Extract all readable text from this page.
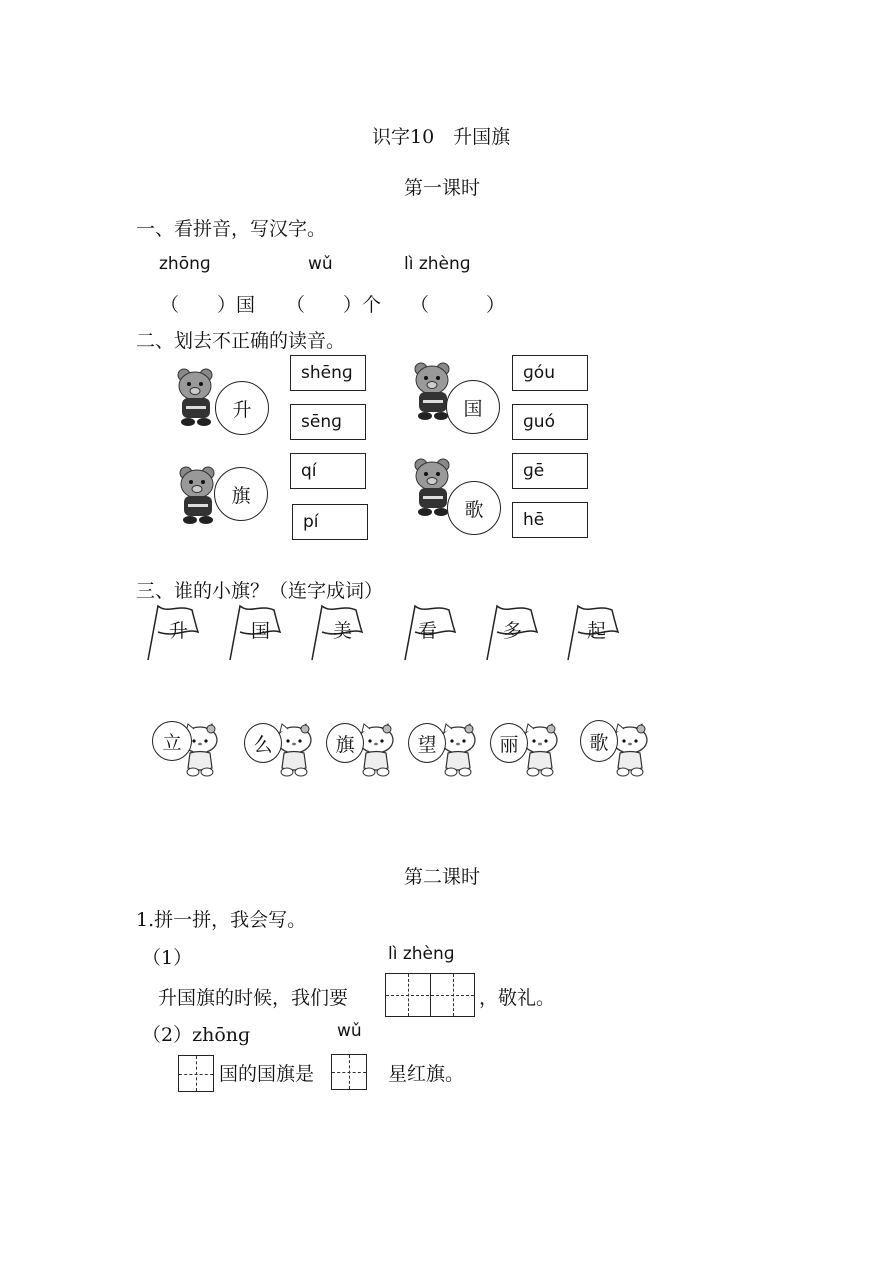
识字10　升国旗
第一课时
一、看拼音，写汉字。
zhōnɡ	wǔ	lì zhènɡ
（　　）国 （　　）个 （　　　）
二、划去不正确的读音。
升
shēnɡ
sēnɡ
国
ɡóu
ɡuó
旗
qí
pí
歌
ɡē
hē
三、谁的小旗？（连字成词）
升	国	美	看	多	起
立	么	旗	望	丽	歌
第二课时
1.拼一拼，我会写。
（1）	lì zhènɡ
升国旗的时候，我们要	，敬礼。
（2）zhōnɡ	wǔ
国的国旗是	星红旗。
